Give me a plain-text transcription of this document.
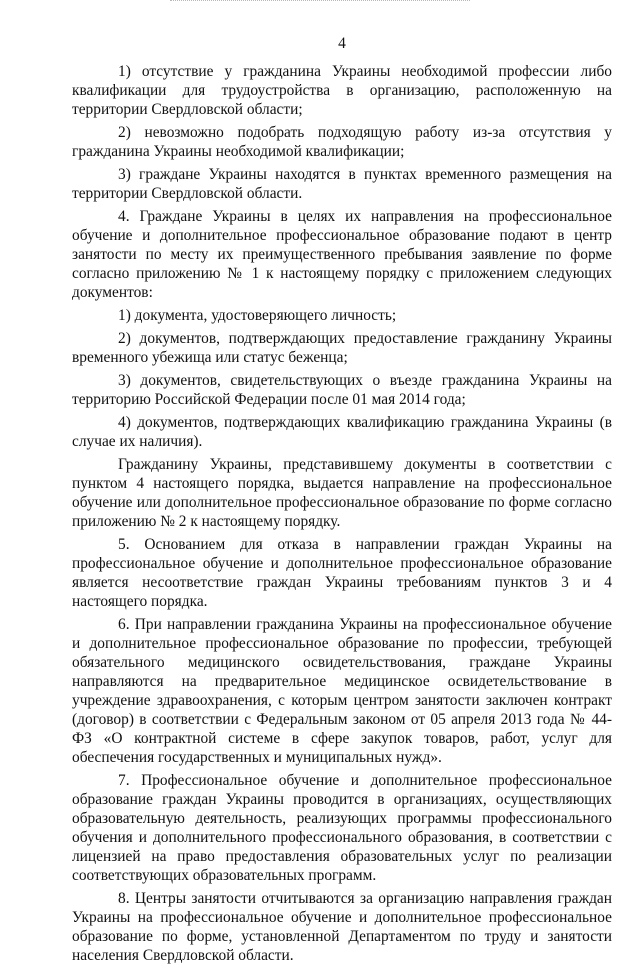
4

1) отсутствие у гражданина Украины необходимой профессии либо квалификации для трудоустройства в организацию, расположенную на территории Свердловской области;

2) невозможно подобрать подходящую работу из-за отсутствия у гражданина Украины необходимой квалификации;

3) граждане Украины находятся в пунктах временного размещения на территории Свердловской области.

4. Граждане Украины в целях их направления на профессиональное обучение и дополнительное профессиональное образование подают в центр занятости по месту их преимущественного пребывания заявление по форме согласно приложению № 1 к настоящему порядку с приложением следующих документов:

1) документа, удостоверяющего личность;

2) документов, подтверждающих предоставление гражданину Украины временного убежища или статус беженца;

3) документов, свидетельствующих о въезде гражданина Украины на территорию Российской Федерации после 01 мая 2014 года;

4) документов, подтверждающих квалификацию гражданина Украины (в случае их наличия).

Гражданину Украины, представившему документы в соответствии с пунктом 4 настоящего порядка, выдается направление на профессиональное обучение или дополнительное профессиональное образование по форме согласно приложению № 2 к настоящему порядку.

5. Основанием для отказа в направлении граждан Украины на профессиональное обучение и дополнительное профессиональное образование является несоответствие граждан Украины требованиям пунктов 3 и 4 настоящего порядка.

6. При направлении гражданина Украины на профессиональное обучение и дополнительное профессиональное образование по профессии, требующей обязательного медицинского освидетельствования, граждане Украины направляются на предварительное медицинское освидетельствование в учреждение здравоохранения, с которым центром занятости заключен контракт (договор) в соответствии с Федеральным законом от 05 апреля 2013 года № 44-ФЗ «О контрактной системе в сфере закупок товаров, работ, услуг для обеспечения государственных и муниципальных нужд».

7. Профессиональное обучение и дополнительное профессиональное образование граждан Украины проводится в организациях, осуществляющих образовательную деятельность, реализующих программы профессионального обучения и дополнительного профессионального образования, в соответствии с лицензией на право предоставления образовательных услуг по реализации соответствующих образовательных программ.

8. Центры занятости отчитываются за организацию направления граждан Украины на профессиональное обучение и дополнительное профессиональное образование по форме, установленной Департаментом по труду и занятости населения Свердловской области.
